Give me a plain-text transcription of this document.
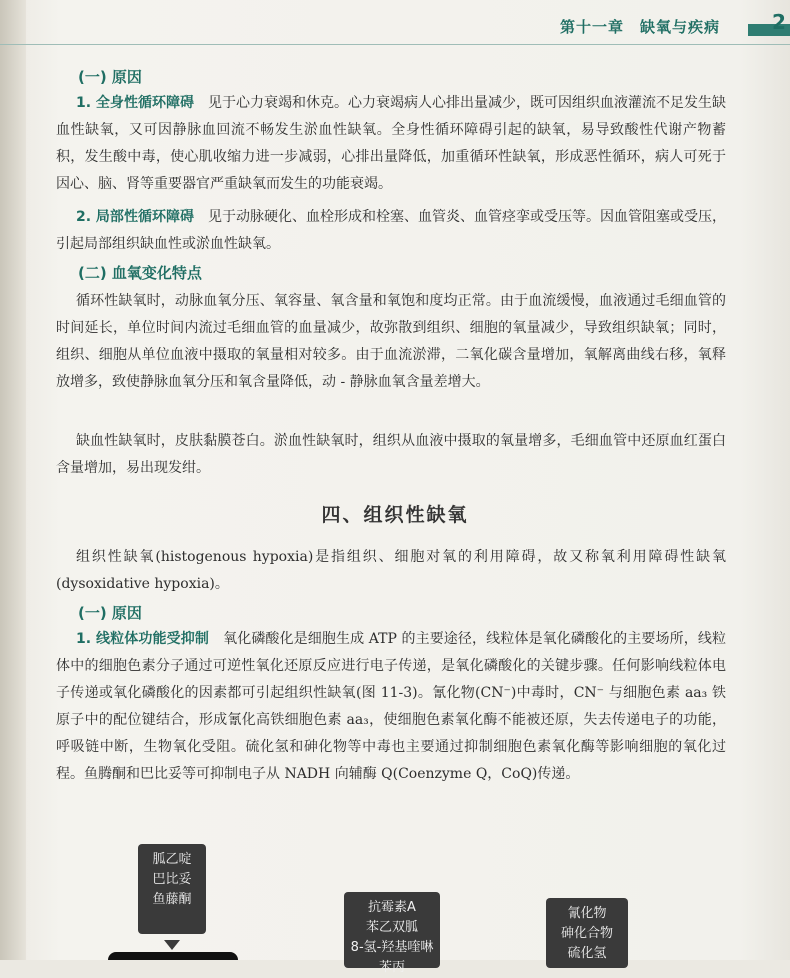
第十一章　缺氧与疾病	2
(一) 原因
1. 全身性循环障碍　见于心力衰竭和休克。心力衰竭病人心排出量减少，既可因组织血液灌流不足发生缺血性缺氧，又可因静脉血回流不畅发生淤血性缺氧。全身性循环障碍引起的缺氧，易导致酸性代谢产物蓄积，发生酸中毒，使心肌收缩力进一步减弱，心排出量降低，加重循环性缺氧，形成恶性循环，病人可死于因心、脑、肾等重要器官严重缺氧而发生的功能衰竭。
2. 局部性循环障碍　见于动脉硬化、血栓形成和栓塞、血管炎、血管痉挛或受压等。因血管阻塞或受压，引起局部组织缺血性或淤血性缺氧。
(二) 血氧变化特点
循环性缺氧时，动脉血氧分压、氧容量、氧含量和氧饱和度均正常。由于血流缓慢，血液通过毛细血管的时间延长，单位时间内流过毛细血管的血量减少，故弥散到组织、细胞的氧量减少，导致组织缺氧；同时，组织、细胞从单位血液中摄取的氧量相对较多。由于血流淤滞，二氧化碳含量增加，氧解离曲线右移，氧释放增多，致使静脉血氧分压和氧含量降低，动 - 静脉血氧含量差增大。
缺血性缺氧时，皮肤黏膜苍白。淤血性缺氧时，组织从血液中摄取的氧量增多，毛细血管中还原血红蛋白含量增加，易出现发绀。
四、组织性缺氧
组织性缺氧(histogenous hypoxia)是指组织、细胞对氧的利用障碍，故又称氧利用障碍性缺氧(dysoxidative hypoxia)。
(一) 原因
1. 线粒体功能受抑制　氧化磷酸化是细胞生成 ATP 的主要途径，线粒体是氧化磷酸化的主要场所，线粒体中的细胞色素分子通过可逆性氧化还原反应进行电子传递，是氧化磷酸化的关键步骤。任何影响线粒体电子传递或氧化磷酸化的因素都可引起组织性缺氧(图 11-3)。氰化物(CN⁻)中毒时，CN⁻ 与细胞色素 aa₃ 铁原子中的配位键结合，形成氰化高铁细胞色素 aa₃，使细胞色素氧化酶不能被还原，失去传递电子的功能，呼吸链中断，生物氧化受阻。硫化氢和砷化物等中毒也主要通过抑制细胞色素氧化酶等影响细胞的氧化过程。鱼腾酮和巴比妥等可抑制电子从 NADH 向辅酶 Q(Coenzyme Q，CoQ)传递。
胍乙啶
巴比妥
鱼藤酮
抗霉素A
苯乙双胍
8-氢-羟基喹啉
苯丙
氰化物
砷化合物
硫化氢
